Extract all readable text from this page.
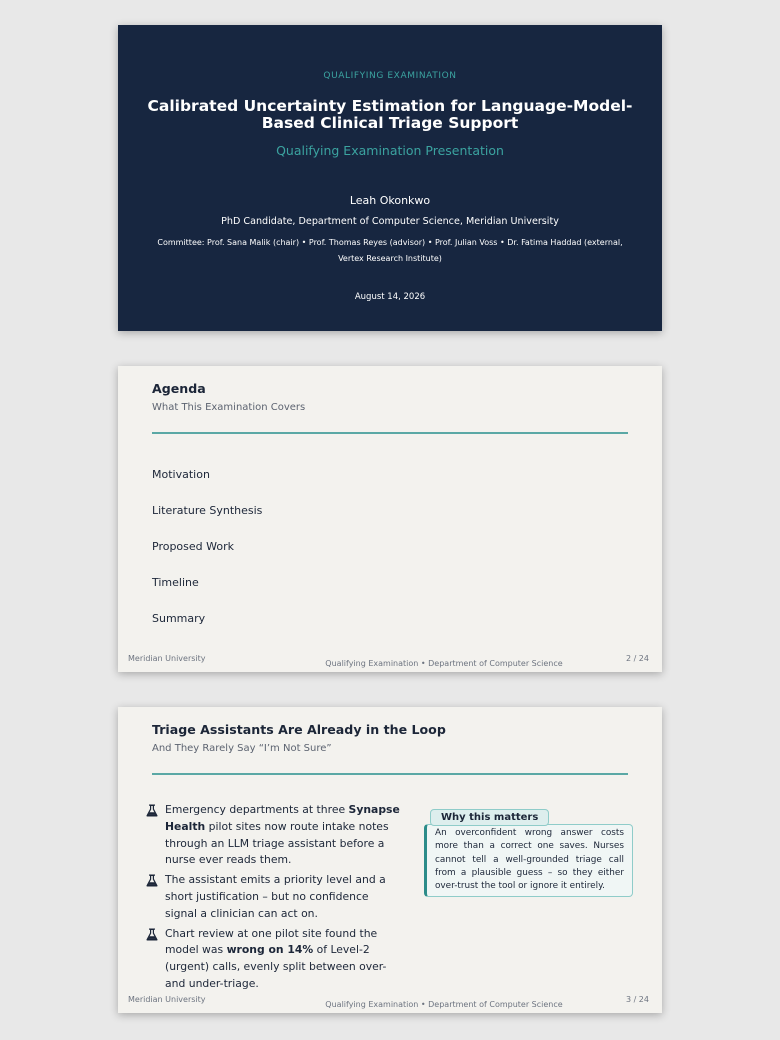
QUALIFYING EXAMINATION
Calibrated Uncertainty Estimation for Language-Model-Based Clinical Triage Support
Qualifying Examination Presentation
Leah Okonkwo
PhD Candidate, Department of Computer Science, Meridian University
Committee: Prof. Sana Malik (chair) • Prof. Thomas Reyes (advisor) • Prof. Julian Voss • Dr. Fatima Haddad (external, Vertex Research Institute)
August 14, 2026
Agenda
What This Examination Covers
Motivation
Literature Synthesis
Proposed Work
Timeline
Summary
Meridian University
Qualifying Examination • Department of Computer Science
2 / 24
Triage Assistants Are Already in the Loop
And They Rarely Say “I’m Not Sure”
Emergency departments at three Synapse Health pilot sites now route intake notes through an LLM triage assistant before a nurse ever reads them.
The assistant emits a priority level and a short justification – but no confidence signal a clinician can act on.
Chart review at one pilot site found the model was wrong on 14% of Level-2 (urgent) calls, evenly split between over- and under-triage.
An overconfident wrong answer costs more than a correct one saves. Nurses cannot tell a well-grounded triage call from a plausible guess – so they either over-trust the tool or ignore it entirely.
Why this matters
Meridian University
Qualifying Examination • Department of Computer Science
3 / 24
